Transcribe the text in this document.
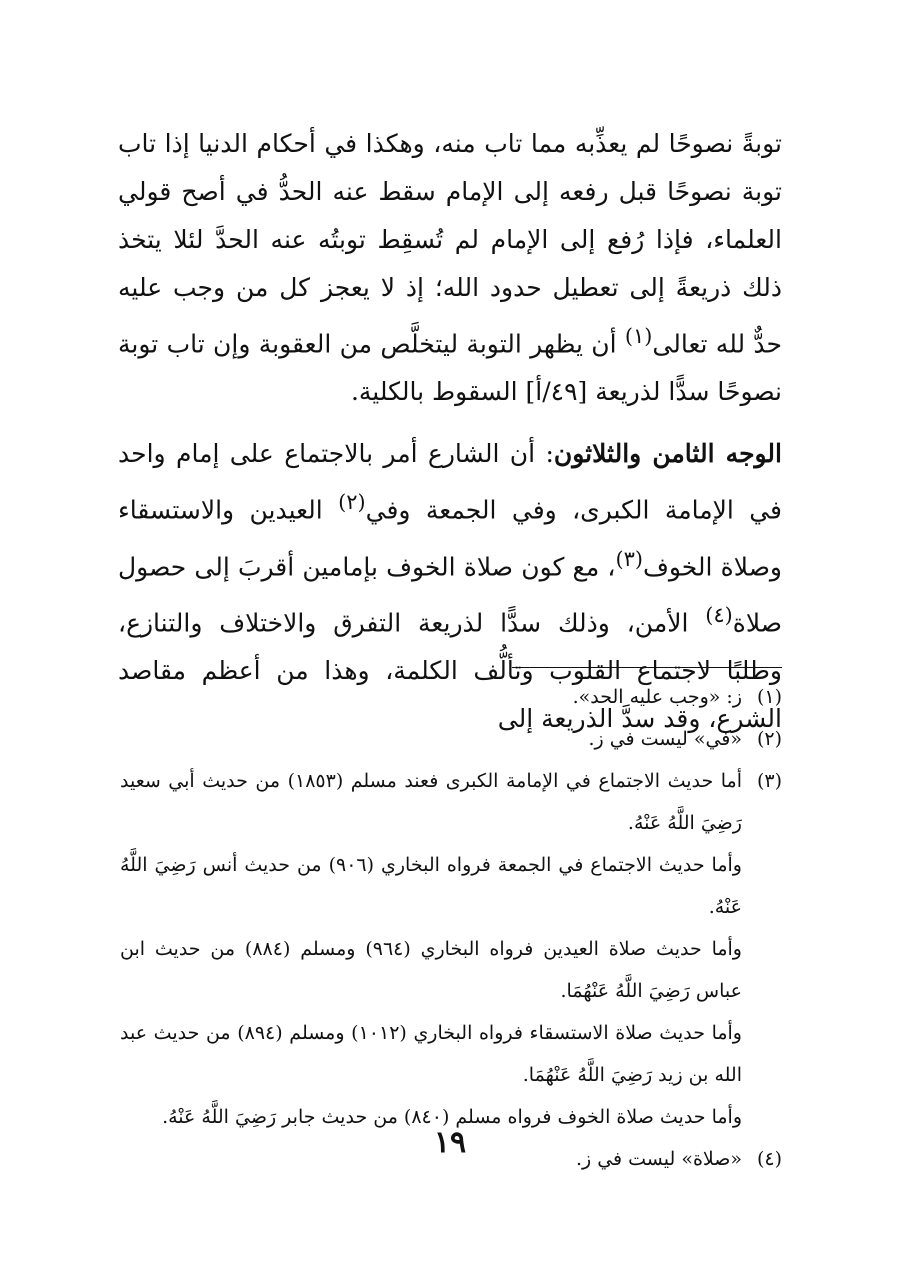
توبةً نصوحًا لم يعذِّبه مما تاب منه، وهكذا في أحكام الدنيا إذا تاب توبة نصوحًا قبل رفعه إلى الإمام سقط عنه الحدُّ في أصح قولي العلماء، فإذا رُفع إلى الإمام لم تُسقِط توبتُه عنه الحدَّ لئلا يتخذ ذلك ذريعةً إلى تعطيل حدود الله؛ إذ لا يعجز كل من وجب عليه حدٌّ لله تعالى$^{(١)}$ أن يظهر التوبة ليتخلَّص من العقوبة وإن تاب توبة نصوحًا سدًّا لذريعة [٤٩/أ] السقوط بالكلية.

الوجه الثامن والثلاثون: أن الشارع أمر بالاجتماع على إمام واحد في الإمامة الكبرى، وفي الجمعة وفي$^{(٢)}$ العيدين والاستسقاء وصلاة الخوف$^{(٣)}$، مع كون صلاة الخوف بإمامين أقربَ إلى حصول صلاة$^{(٤)}$ الأمن، وذلك سدًّا لذريعة التفرق والاختلاف والتنازع، وطلبًا لاجتماع القلوب وتألُّف الكلمة، وهذا من أعظم مقاصد الشرع، وقد سدَّ الذريعة إلى

(١)

ز: «وجب عليه الحد».

(٢)

«في» ليست في ز.

(٣)

أما حديث الاجتماع في الإمامة الكبرى فعند مسلم (١٨٥٣) من حديث أبي سعيد رَضِيَ اللَّهُ عَنْهُ.

وأما حديث الاجتماع في الجمعة فرواه البخاري (٩٠٦) من حديث أنس رَضِيَ اللَّهُ عَنْهُ.

وأما حديث صلاة العيدين فرواه البخاري (٩٦٤) ومسلم (٨٨٤) من حديث ابن عباس رَضِيَ اللَّهُ عَنْهُمَا.

وأما حديث صلاة الاستسقاء فرواه البخاري (١٠١٢) ومسلم (٨٩٤) من حديث عبد الله بن زيد رَضِيَ اللَّهُ عَنْهُمَا.

وأما حديث صلاة الخوف فرواه مسلم (٨٤٠) من حديث جابر رَضِيَ اللَّهُ عَنْهُ.

(٤)

«صلاة» ليست في ز.

١٩
